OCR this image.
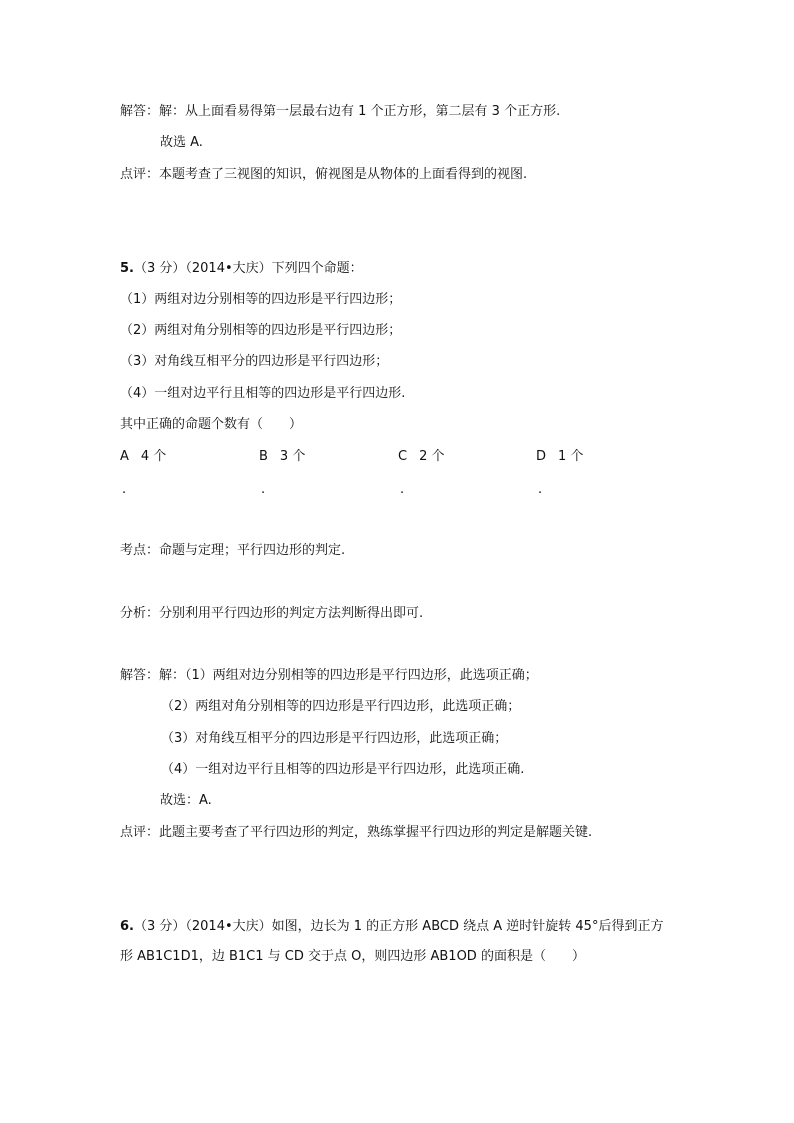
解答：解：从上面看易得第一层最右边有 1 个正方形，第二层有 3 个正方形.
故选 A.
点评：本题考查了三视图的知识，俯视图是从物体的上面看得到的视图.
5.（3 分）（2014•大庆）下列四个命题：
（1）两组对边分别相等的四边形是平行四边形；
（2）两组对角分别相等的四边形是平行四边形；
（3）对角线互相平分的四边形是平行四边形；
（4）一组对边平行且相等的四边形是平行四边形.
其中正确的命题个数有（　　）
A 4 个	B 3 个	C 2 个	D 1 个
.	.	.	.
考点：命题与定理；平行四边形的判定.
分析：分别利用平行四边形的判定方法判断得出即可.
解答：解：（1）两组对边分别相等的四边形是平行四边形，此选项正确；
（2）两组对角分别相等的四边形是平行四边形，此选项正确；
（3）对角线互相平分的四边形是平行四边形，此选项正确；
（4）一组对边平行且相等的四边形是平行四边形，此选项正确.
故选：A.
点评：此题主要考查了平行四边形的判定，熟练掌握平行四边形的判定是解题关键.
6.（3 分）（2014•大庆）如图，边长为 1 的正方形 ABCD 绕点 A 逆时针旋转 45°后得到正方
形 AB1C1D1，边 B1C1 与 CD 交于点 O，则四边形 AB1OD 的面积是（　　）
